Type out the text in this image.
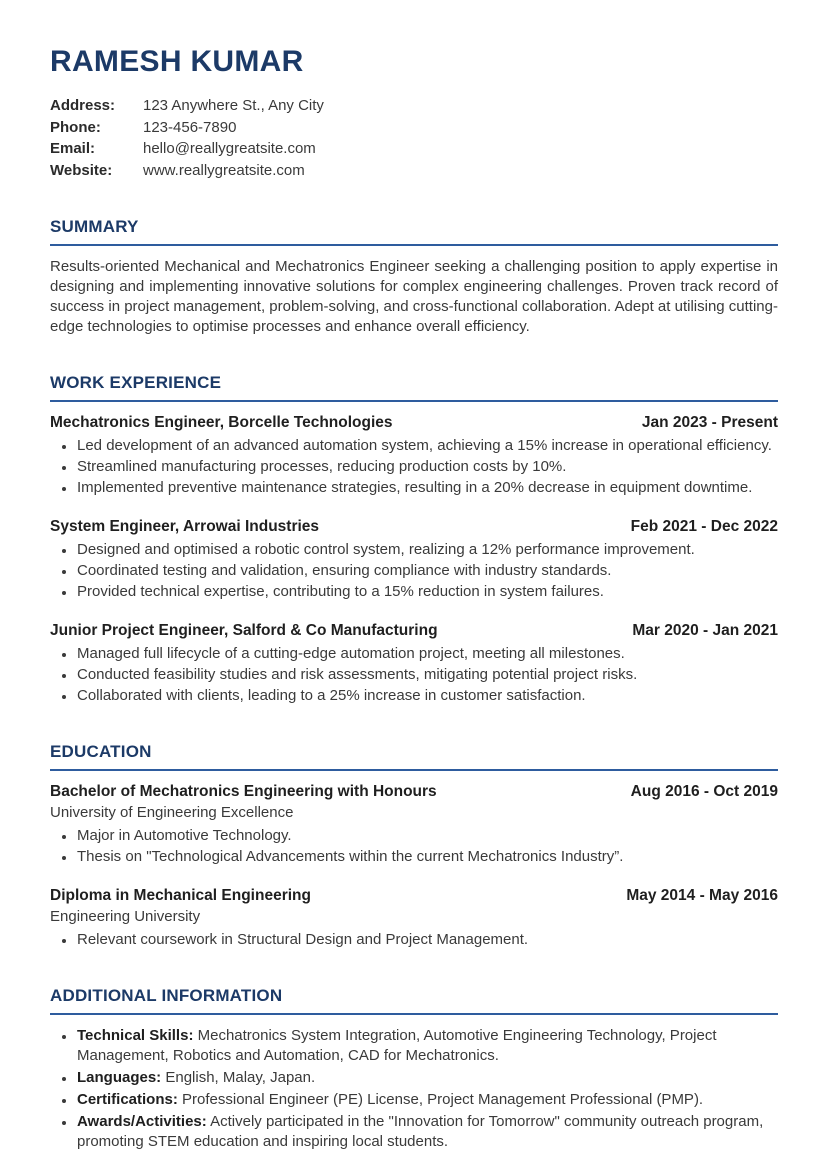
RAMESH KUMAR
Address:	123 Anywhere St., Any City
Phone:	123-456-7890
Email:	hello@reallygreatsite.com
Website:	www.reallygreatsite.com
SUMMARY

Results-oriented Mechanical and Mechatronics Engineer seeking a challenging position to apply expertise in designing and implementing innovative solutions for complex engineering challenges. Proven track record of success in project management, problem-solving, and cross-functional collaboration. Adept at utilising cutting-edge technologies to optimise processes and enhance overall efficiency.

WORK EXPERIENCE
Mechatronics Engineer, Borcelle Technologies	Jan 2023 - Present
• Led development of an advanced automation system, achieving a 15% increase in operational efficiency.
• Streamlined manufacturing processes, reducing production costs by 10%.
• Implemented preventive maintenance strategies, resulting in a 20% decrease in equipment downtime.
System Engineer, Arrowai Industries	Feb 2021 - Dec 2022
• Designed and optimised a robotic control system, realizing a 12% performance improvement.
• Coordinated testing and validation, ensuring compliance with industry standards.
• Provided technical expertise, contributing to a 15% reduction in system failures.
Junior Project Engineer, Salford & Co Manufacturing	Mar 2020 - Jan 2021
• Managed full lifecycle of a cutting-edge automation project, meeting all milestones.
• Conducted feasibility studies and risk assessments, mitigating potential project risks.
• Collaborated with clients, leading to a 25% increase in customer satisfaction.
EDUCATION
Bachelor of Mechatronics Engineering with Honours	Aug 2016 - Oct 2019
University of Engineering Excellence
• Major in Automotive Technology.
• Thesis on "Technological Advancements within the current Mechatronics Industry”.
Diploma in Mechanical Engineering	May 2014 - May 2016
Engineering University
• Relevant coursework in Structural Design and Project Management.
ADDITIONAL INFORMATION
• Technical Skills: Mechatronics System Integration, Automotive Engineering Technology, Project Management, Robotics and Automation, CAD for Mechatronics.
• Languages: English, Malay, Japan.
• Certifications: Professional Engineer (PE) License, Project Management Professional (PMP).
• Awards/Activities: Actively participated in the "Innovation for Tomorrow" community outreach program, promoting STEM education and inspiring local students.
